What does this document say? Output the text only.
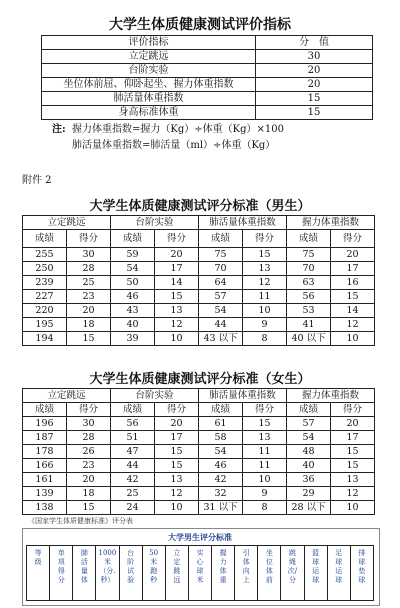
大学生体质健康测试评价指标
评价指标	分　值
立定跳远	30
台阶实验	20
坐位体前屈、仰卧起坐、握力体重指数	20
肺活量体重指数	15
身高标准体重	15
注: 握力体重指数=握力（Kg）÷体重（Kg）×100
肺活量体重指数=肺活量（ml）÷体重（Kg）
附件 2
大学生体质健康测试评分标准（男生）
立定跳远		台阶实验		肺活量体重指数		握力体重指数	
成绩	得分	成绩	得分	成绩	得分	成绩	得分
255	30	59	20	75	15	75	20
250	28	54	17	70	13	70	17
239	25	50	14	64	12	63	16
227	23	46	15	57	11	56	15
220	20	43	13	54	10	53	14
195	18	40	12	44	9	41	12
194	15	39	10	43 以下	8	40 以下	10
大学生体质健康测试评分标准（女生）
立定跳远		台阶实验		肺活量体重指数		握力体重指数	
成绩	得分	成绩	得分	成绩	得分	成绩	得分
196	30	56	20	61	15	57	20
187	28	51	17	58	13	54	17
178	26	47	15	54	11	48	15
166	23	44	15	46	11	40	15
161	20	42	13	42	10	36	13
139	18	25	12	32	9	29	12
138	15	24	10	31 以下	8	28 以下	10
《国家学生体质健康标准》评分表
大学男生评分标准
等
级

单
项
得
分

肺
活
量
体

1000
米
（分.
秒）

台
阶
试
验

50
米
跑
秒

立
定
跳
远

实
心
球
米

握
力
体
重

引
体
向
上

坐
位
体
前

跳
绳
次/
分

篮
球
运
球

足
球
运
球

排
球
垫
球
